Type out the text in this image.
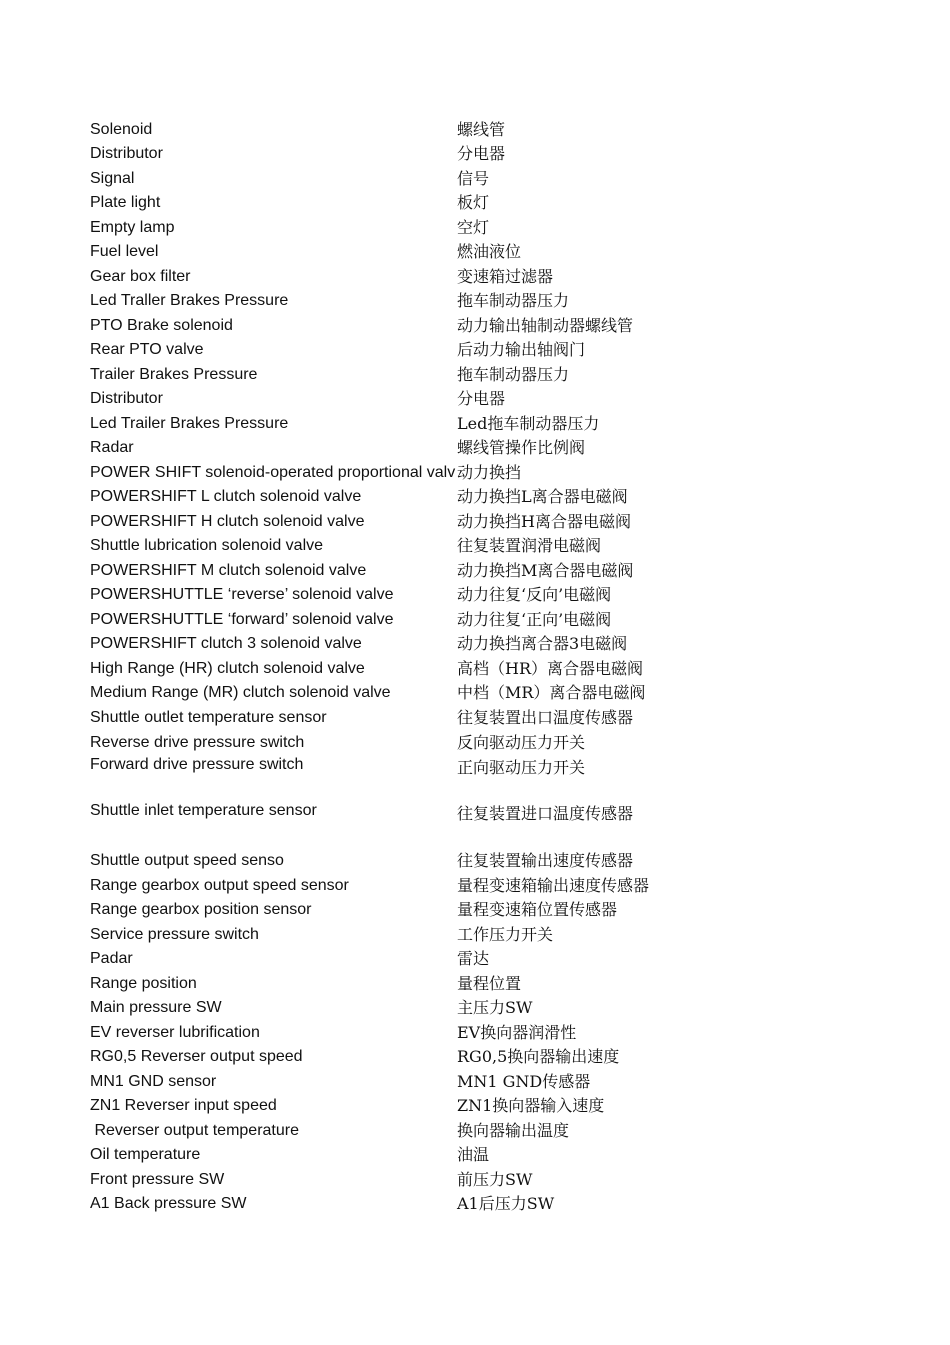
Solenoid	螺线管
Distributor	分电器
Signal	信号
Plate light	板灯
Empty lamp	空灯
Fuel level	燃油液位
Gear box filter	变速箱过滤器
Led Traller Brakes Pressure	拖车制动器压力
PTO Brake solenoid	动力输出轴制动器螺线管
Rear PTO valve	后动力输出轴阀门
Trailer Brakes Pressure	拖车制动器压力
Distributor	分电器
Led Trailer Brakes Pressure	Led拖车制动器压力
Radar	螺线管操作比例阀
POWER SHIFT solenoid-operated proportional valv 动力换挡
POWERSHIFT L clutch solenoid valve	动力换挡L离合器电磁阀
POWERSHIFT H clutch solenoid valve	动力换挡H离合器电磁阀
Shuttle lubrication solenoid valve	往复装置润滑电磁阀
POWERSHIFT M clutch solenoid valve	动力换挡M离合器电磁阀
POWERSHUTTLE ‘reverse’ solenoid valve	动力往复‘反向’电磁阀
POWERSHUTTLE ‘forward’ solenoid valve	动力往复‘正向’电磁阀
POWERSHIFT clutch 3 solenoid valve	动力换挡离合器3电磁阀
High Range (HR) clutch solenoid valve	高档（HR）离合器电磁阀
Medium Range (MR) clutch solenoid valve	中档（MR）离合器电磁阀
Shuttle outlet temperature sensor	往复装置出口温度传感器
Reverse drive pressure switch	反向驱动压力开关
Forward drive pressure switch	正向驱动压力开关
Shuttle inlet temperature sensor	往复装置进口温度传感器
Shuttle output speed senso	往复装置输出速度传感器
Range gearbox output speed sensor	量程变速箱输出速度传感器
Range gearbox position sensor	量程变速箱位置传感器
Service pressure switch	工作压力开关
Padar	雷达
Range position	量程位置
Main pressure SW	主压力SW
EV reverser lubrification	EV换向器润滑性
RG0,5 Reverser output speed	RG0,5换向器输出速度
MN1 GND sensor	MN1 GND传感器
ZN1 Reverser input speed	ZN1换向器输入速度
Reverser output temperature	换向器输出温度
Oil temperature	油温
Front pressure SW	前压力SW
A1 Back pressure SW	A1后压力SW
